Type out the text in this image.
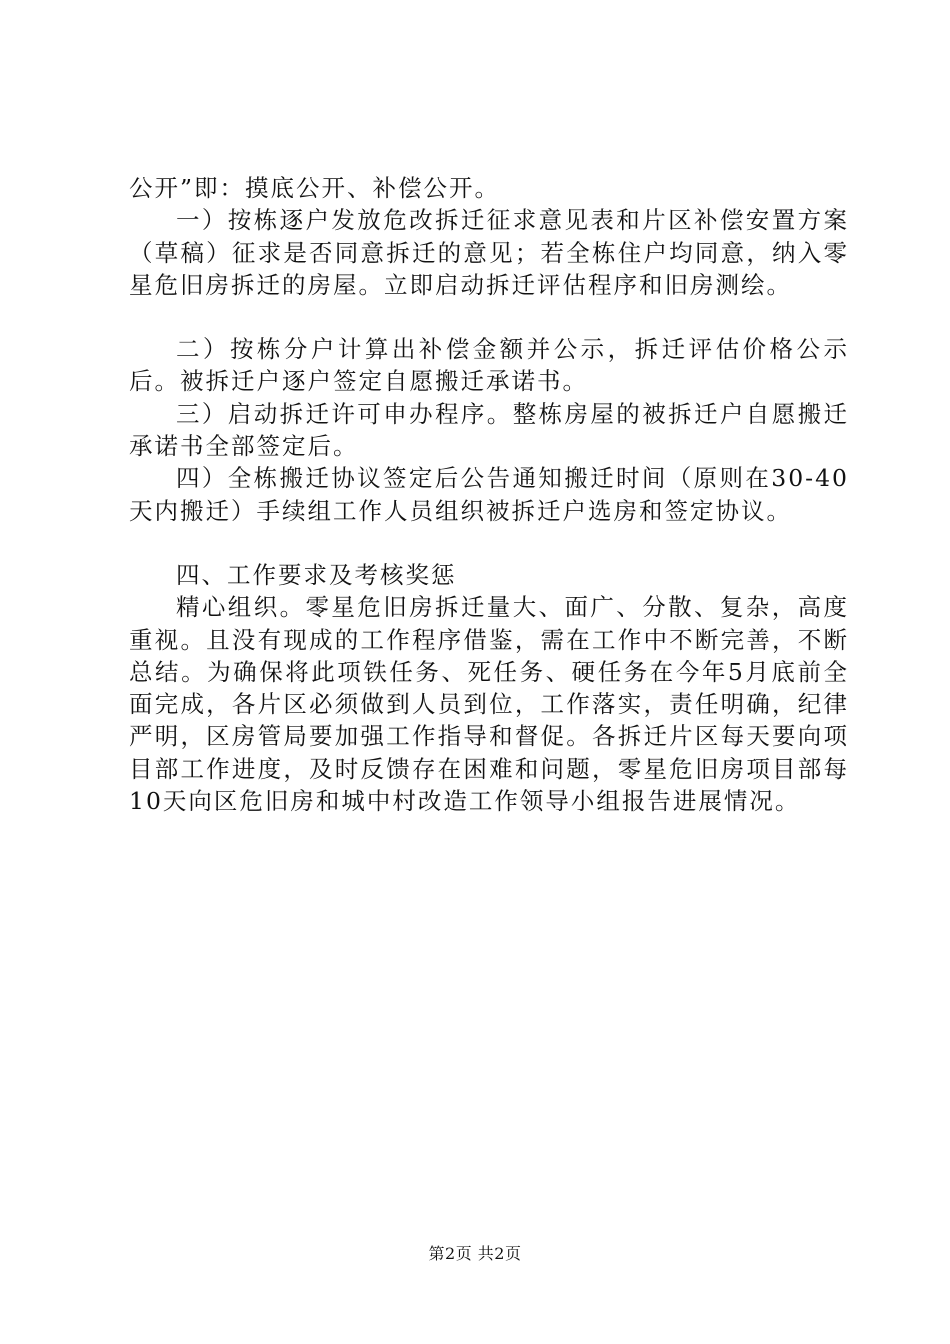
公开”即：摸底公开、补偿公开。

一）按栋逐户发放危改拆迁征求意见表和片区补偿安置方案（草稿）征求是否同意拆迁的意见；若全栋住户均同意，纳入零星危旧房拆迁的房屋。立即启动拆迁评估程序和旧房测绘。

二）按栋分户计算出补偿金额并公示，拆迁评估价格公示后。被拆迁户逐户签定自愿搬迁承诺书。

三）启动拆迁许可申办程序。整栋房屋的被拆迁户自愿搬迁承诺书全部签定后。

四）全栋搬迁协议签定后公告通知搬迁时间（原则在30-40天内搬迁）手续组工作人员组织被拆迁户选房和签定协议。

四、工作要求及考核奖惩

精心组织。零星危旧房拆迁量大、面广、分散、复杂，高度重视。且没有现成的工作程序借鉴，需在工作中不断完善，不断总结。为确保将此项铁任务、死任务、硬任务在今年5月底前全面完成，各片区必须做到人员到位，工作落实，责任明确，纪律严明，区房管局要加强工作指导和督促。各拆迁片区每天要向项目部工作进度，及时反馈存在困难和问题，零星危旧房项目部每10天向区危旧房和城中村改造工作领导小组报告进展情况。

第2页 共2页
